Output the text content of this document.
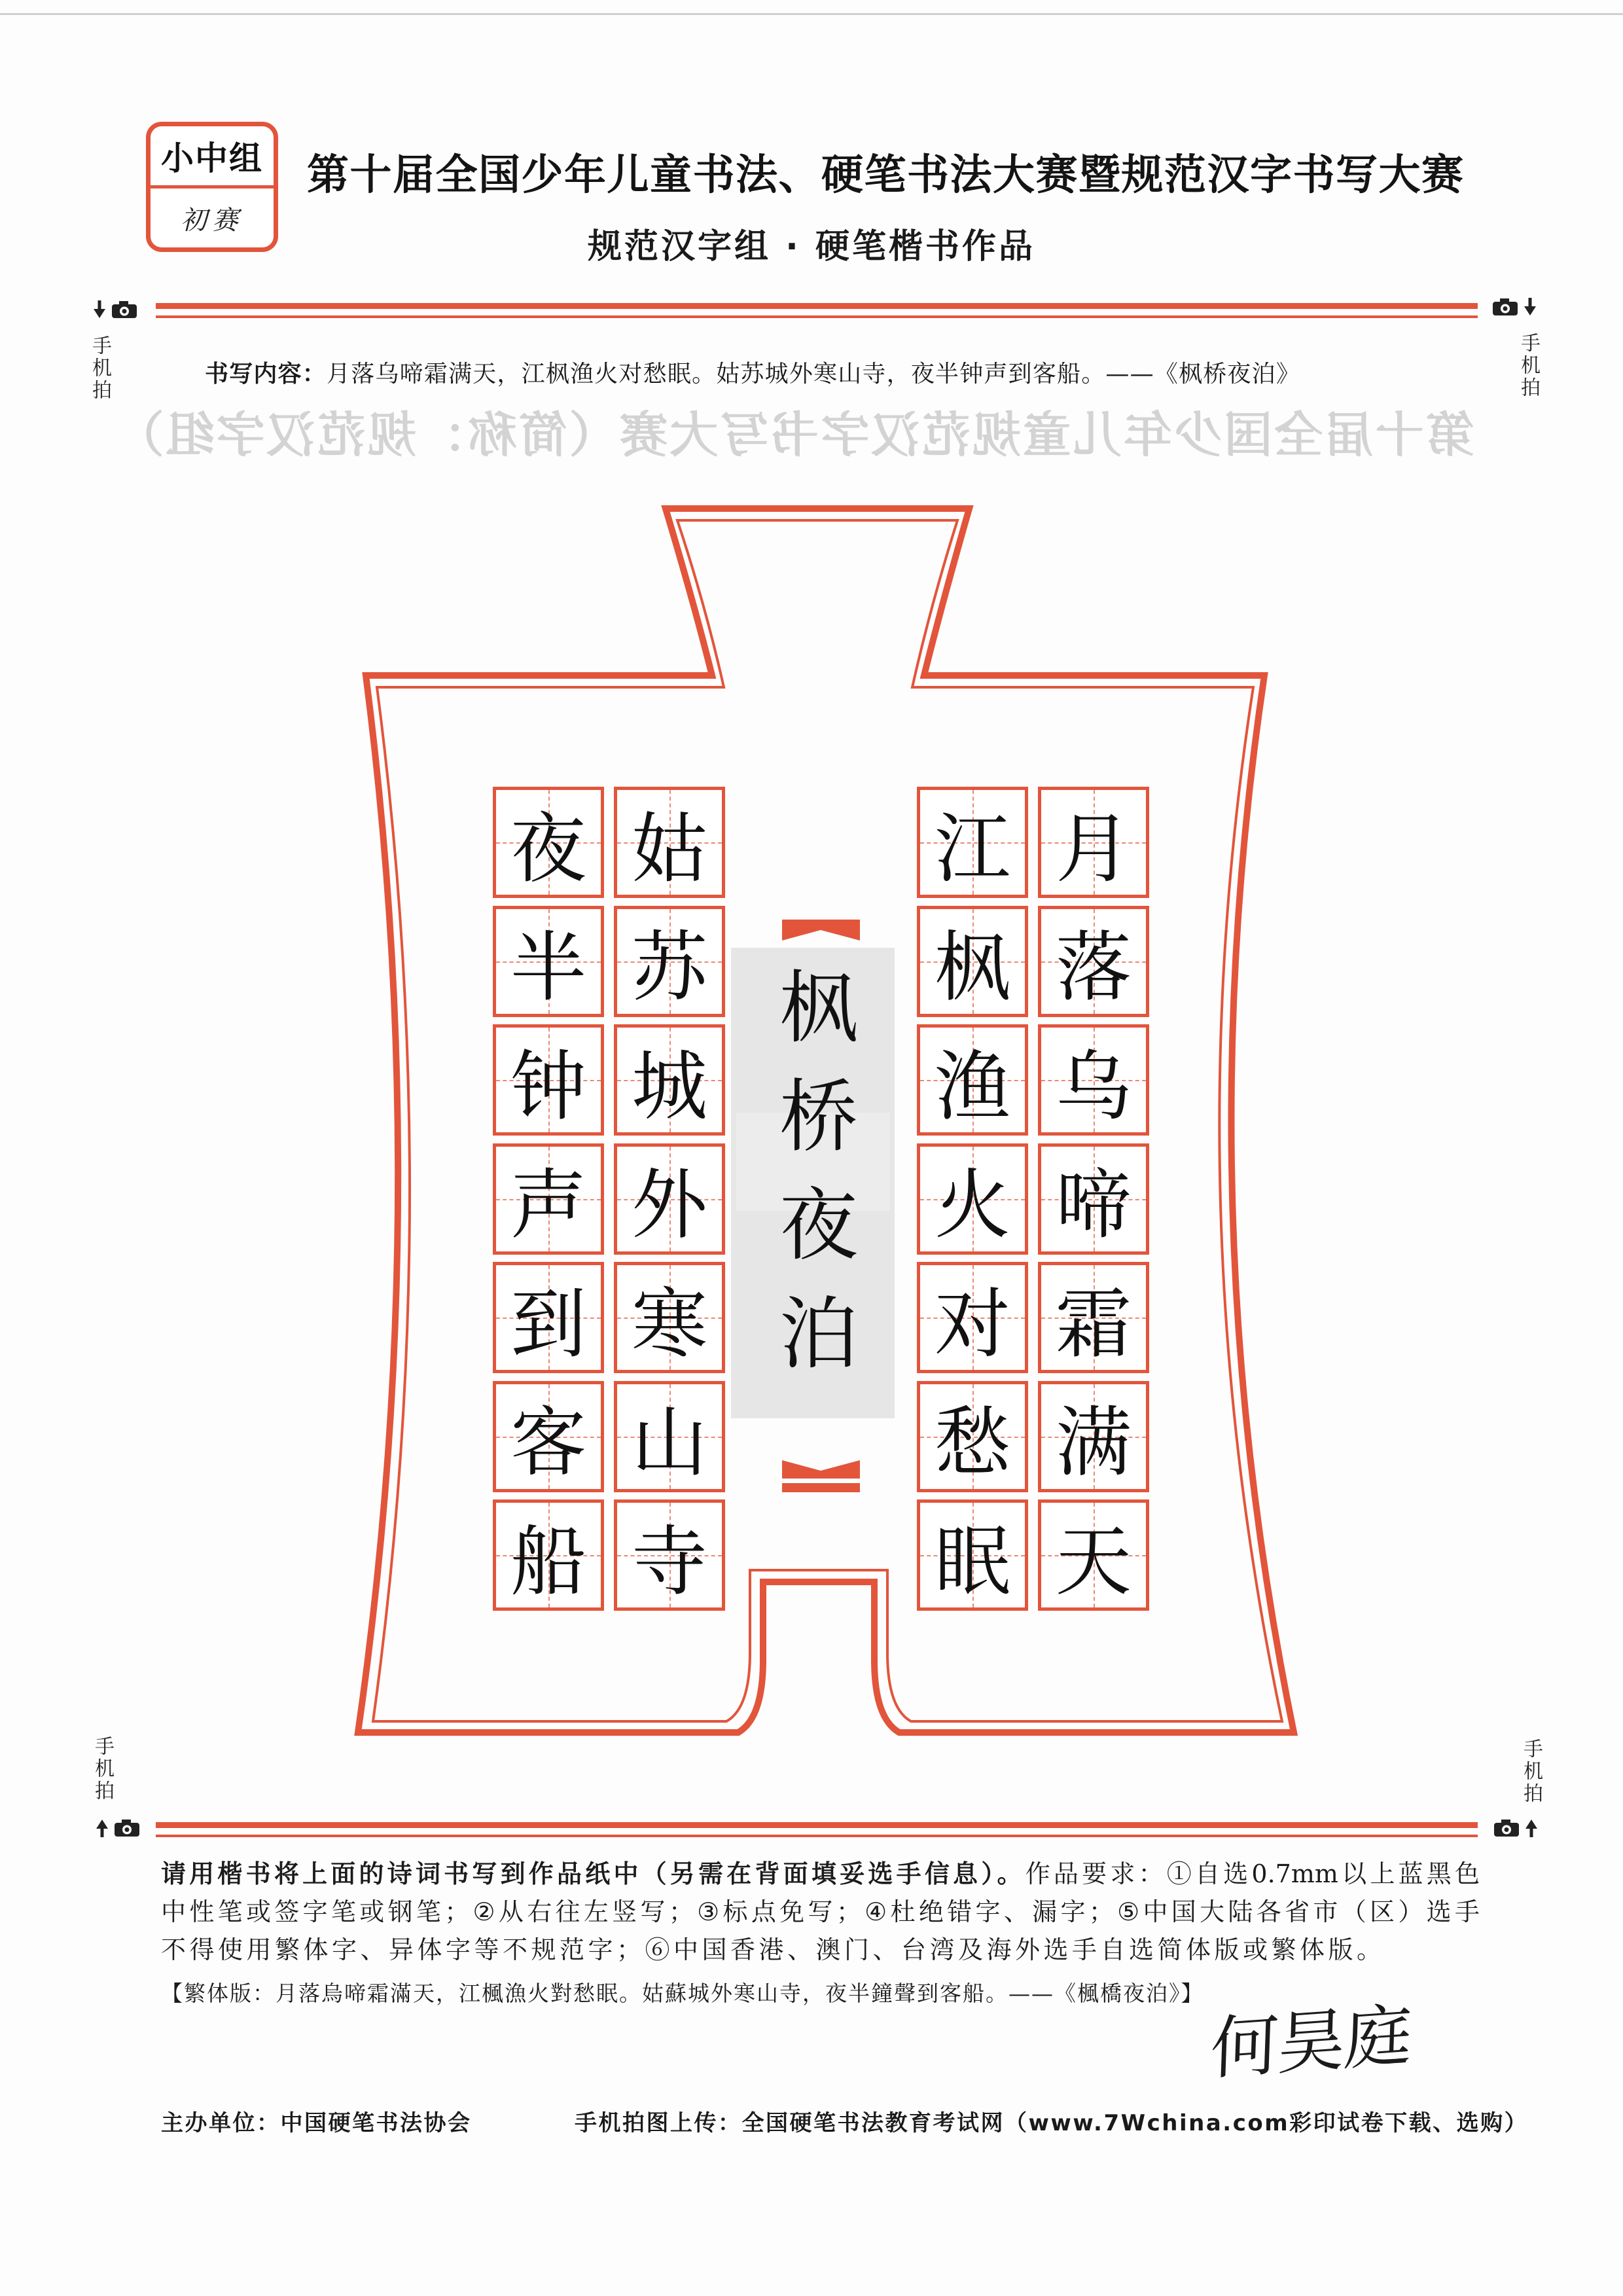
小中组
初赛
第十届全国少年儿童书法、硬笔书法大赛暨规范汉字书写大赛
规范汉字组 · 硬笔楷书作品
手机拍	手机拍
书写内容：月落乌啼霜满天，江枫渔火对愁眠。姑苏城外寒山寺，夜半钟声到客船。——《枫桥夜泊》
第十届全国少年儿童规范汉字书写大赛（简称：规范汉字组）
月
落
乌
啼
霜
满
天
江
枫
渔
火
对
愁
眠
姑
苏
城
外
寒
山
寺
夜
半
钟
声
到
客
船
枫桥夜泊
手机拍	手机拍
请用楷书将上面的诗词书写到作品纸中（另需在背面填妥选手信息）。作品要求：①自选0.7mm以上蓝黑色
中性笔或签字笔或钢笔；②从右往左竖写；③标点免写；④杜绝错字、漏字；⑤中国大陆各省市（区）选手
不得使用繁体字、异体字等不规范字；⑥中国香港、澳门、台湾及海外选手自选简体版或繁体版。
【繁体版：月落烏啼霜滿天，江楓漁火對愁眠。姑蘇城外寒山寺，夜半鐘聲到客船。——《楓橋夜泊》】
何昊庭
主办单位：中国硬笔书法协会	手机拍图上传：全国硬笔书法教育考试网（www.7Wchina.com彩印试卷下载、选购）
